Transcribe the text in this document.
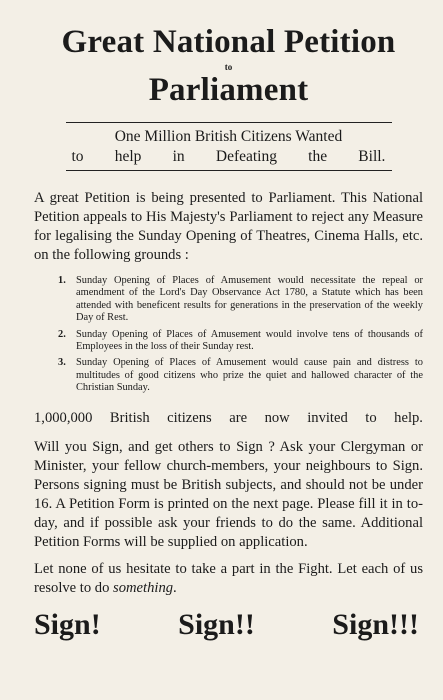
Great National Petition
to
Parliament
One Million British Citizens Wanted
to help in Defeating the Bill.

A great Petition is being presented to Parliament. This National Petition appeals to His Majesty's Parliament to reject any Measure for legalising the Sunday Opening of Theatres, Cinema Halls, etc. on the following grounds :

1. Sunday Opening of Places of Amusement would necessitate the repeal or amendment of the Lord's Day Observance Act 1780, a Statute which has been attended with beneficent results for generations in the preservation of the weekly Day of Rest.
2. Sunday Opening of Places of Amusement would involve tens of thousands of Employees in the loss of their Sunday rest.
3. Sunday Opening of Places of Amusement would cause pain and distress to multitudes of good citizens who prize the quiet and hallowed character of the Christian Sunday.
1,000,000 British citizens are now invited to help.

Will you Sign, and get others to Sign ? Ask your Clergyman or Minister, your fellow church-members, your neighbours to Sign. Persons signing must be British subjects, and should not be under 16. A Petition Form is printed on the next page. Please fill it in to-day, and if possible ask your friends to do the same. Additional Petition Forms will be supplied on application.

Let none of us hesitate to take a part in the Fight. Let each of us resolve to do something.

Sign!	Sign!!	Sign!!!
